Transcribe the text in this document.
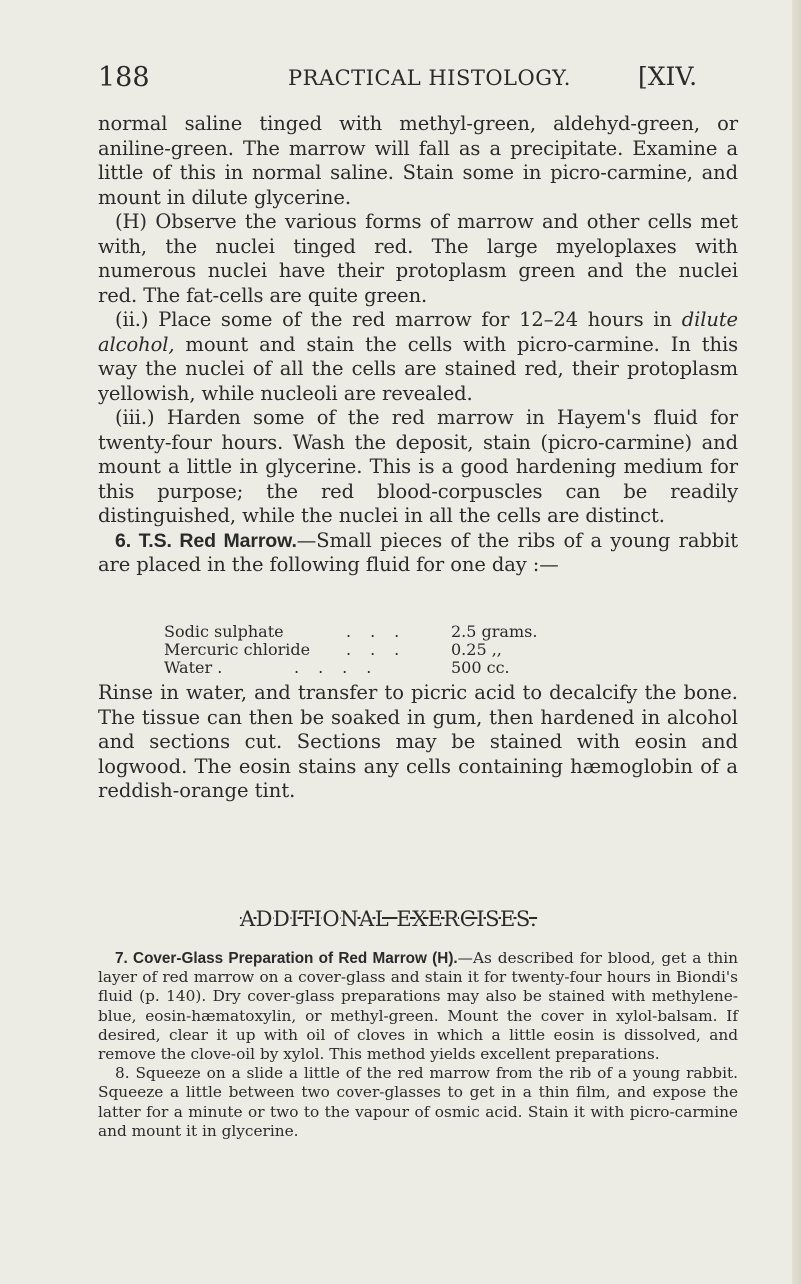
188	PRACTICAL HISTOLOGY.	[XIV.

normal saline tinged with methyl-green, aldehyd-green, or aniline-green. The marrow will fall as a precipitate. Examine a little of this in normal saline. Stain some in picro-carmine, and mount in dilute glycerine.

(H) Observe the various forms of marrow and other cells met with, the nuclei tinged red. The large myeloplaxes with numerous nuclei have their protoplasm green and the nuclei red. The fat-cells are quite green.

(ii.) Place some of the red marrow for 12–24 hours in dilute alcohol, mount and stain the cells with picro-carmine. In this way the nuclei of all the cells are stained red, their protoplasm yellowish, while nucleoli are revealed.

(iii.) Harden some of the red marrow in Hayem's fluid for twenty-four hours. Wash the deposit, stain (picro-carmine) and mount a little in glycerine. This is a good hardening medium for this purpose; the red blood-corpuscles can be readily distinguished, while the nuclei in all the cells are distinct.

6. T.S. Red Marrow.—Small pieces of the ribs of a young rabbit are placed in the following fluid for one day :—

Sodic sulphate	... 2.5 grams.
Mercuric chloride ... 0.25 ,,
Water .	....	500 cc.

Rinse in water, and transfer to picric acid to decalcify the bone. The tissue can then be soaked in gum, then hardened in alcohol and sections cut. Sections may be stained with eosin and logwood. The eosin stains any cells containing hæmoglobin of a reddish-orange tint.

ADDITIONAL EXERCISES.

7. Cover-Glass Preparation of Red Marrow (H).—As described for blood, get a thin layer of red marrow on a cover-glass and stain it for twenty-four hours in Biondi's fluid (p. 140). Dry cover-glass preparations may also be stained with methylene-blue, eosin-hæmatoxylin, or methyl-green. Mount the cover in xylol-balsam. If desired, clear it up with oil of cloves in which a little eosin is dissolved, and remove the clove-oil by xylol. This method yields excellent preparations.

8. Squeeze on a slide a little of the red marrow from the rib of a young rabbit. Squeeze a little between two cover-glasses to get in a thin film, and expose the latter for a minute or two to the vapour of osmic acid. Stain it with picro-carmine and mount it in glycerine.
